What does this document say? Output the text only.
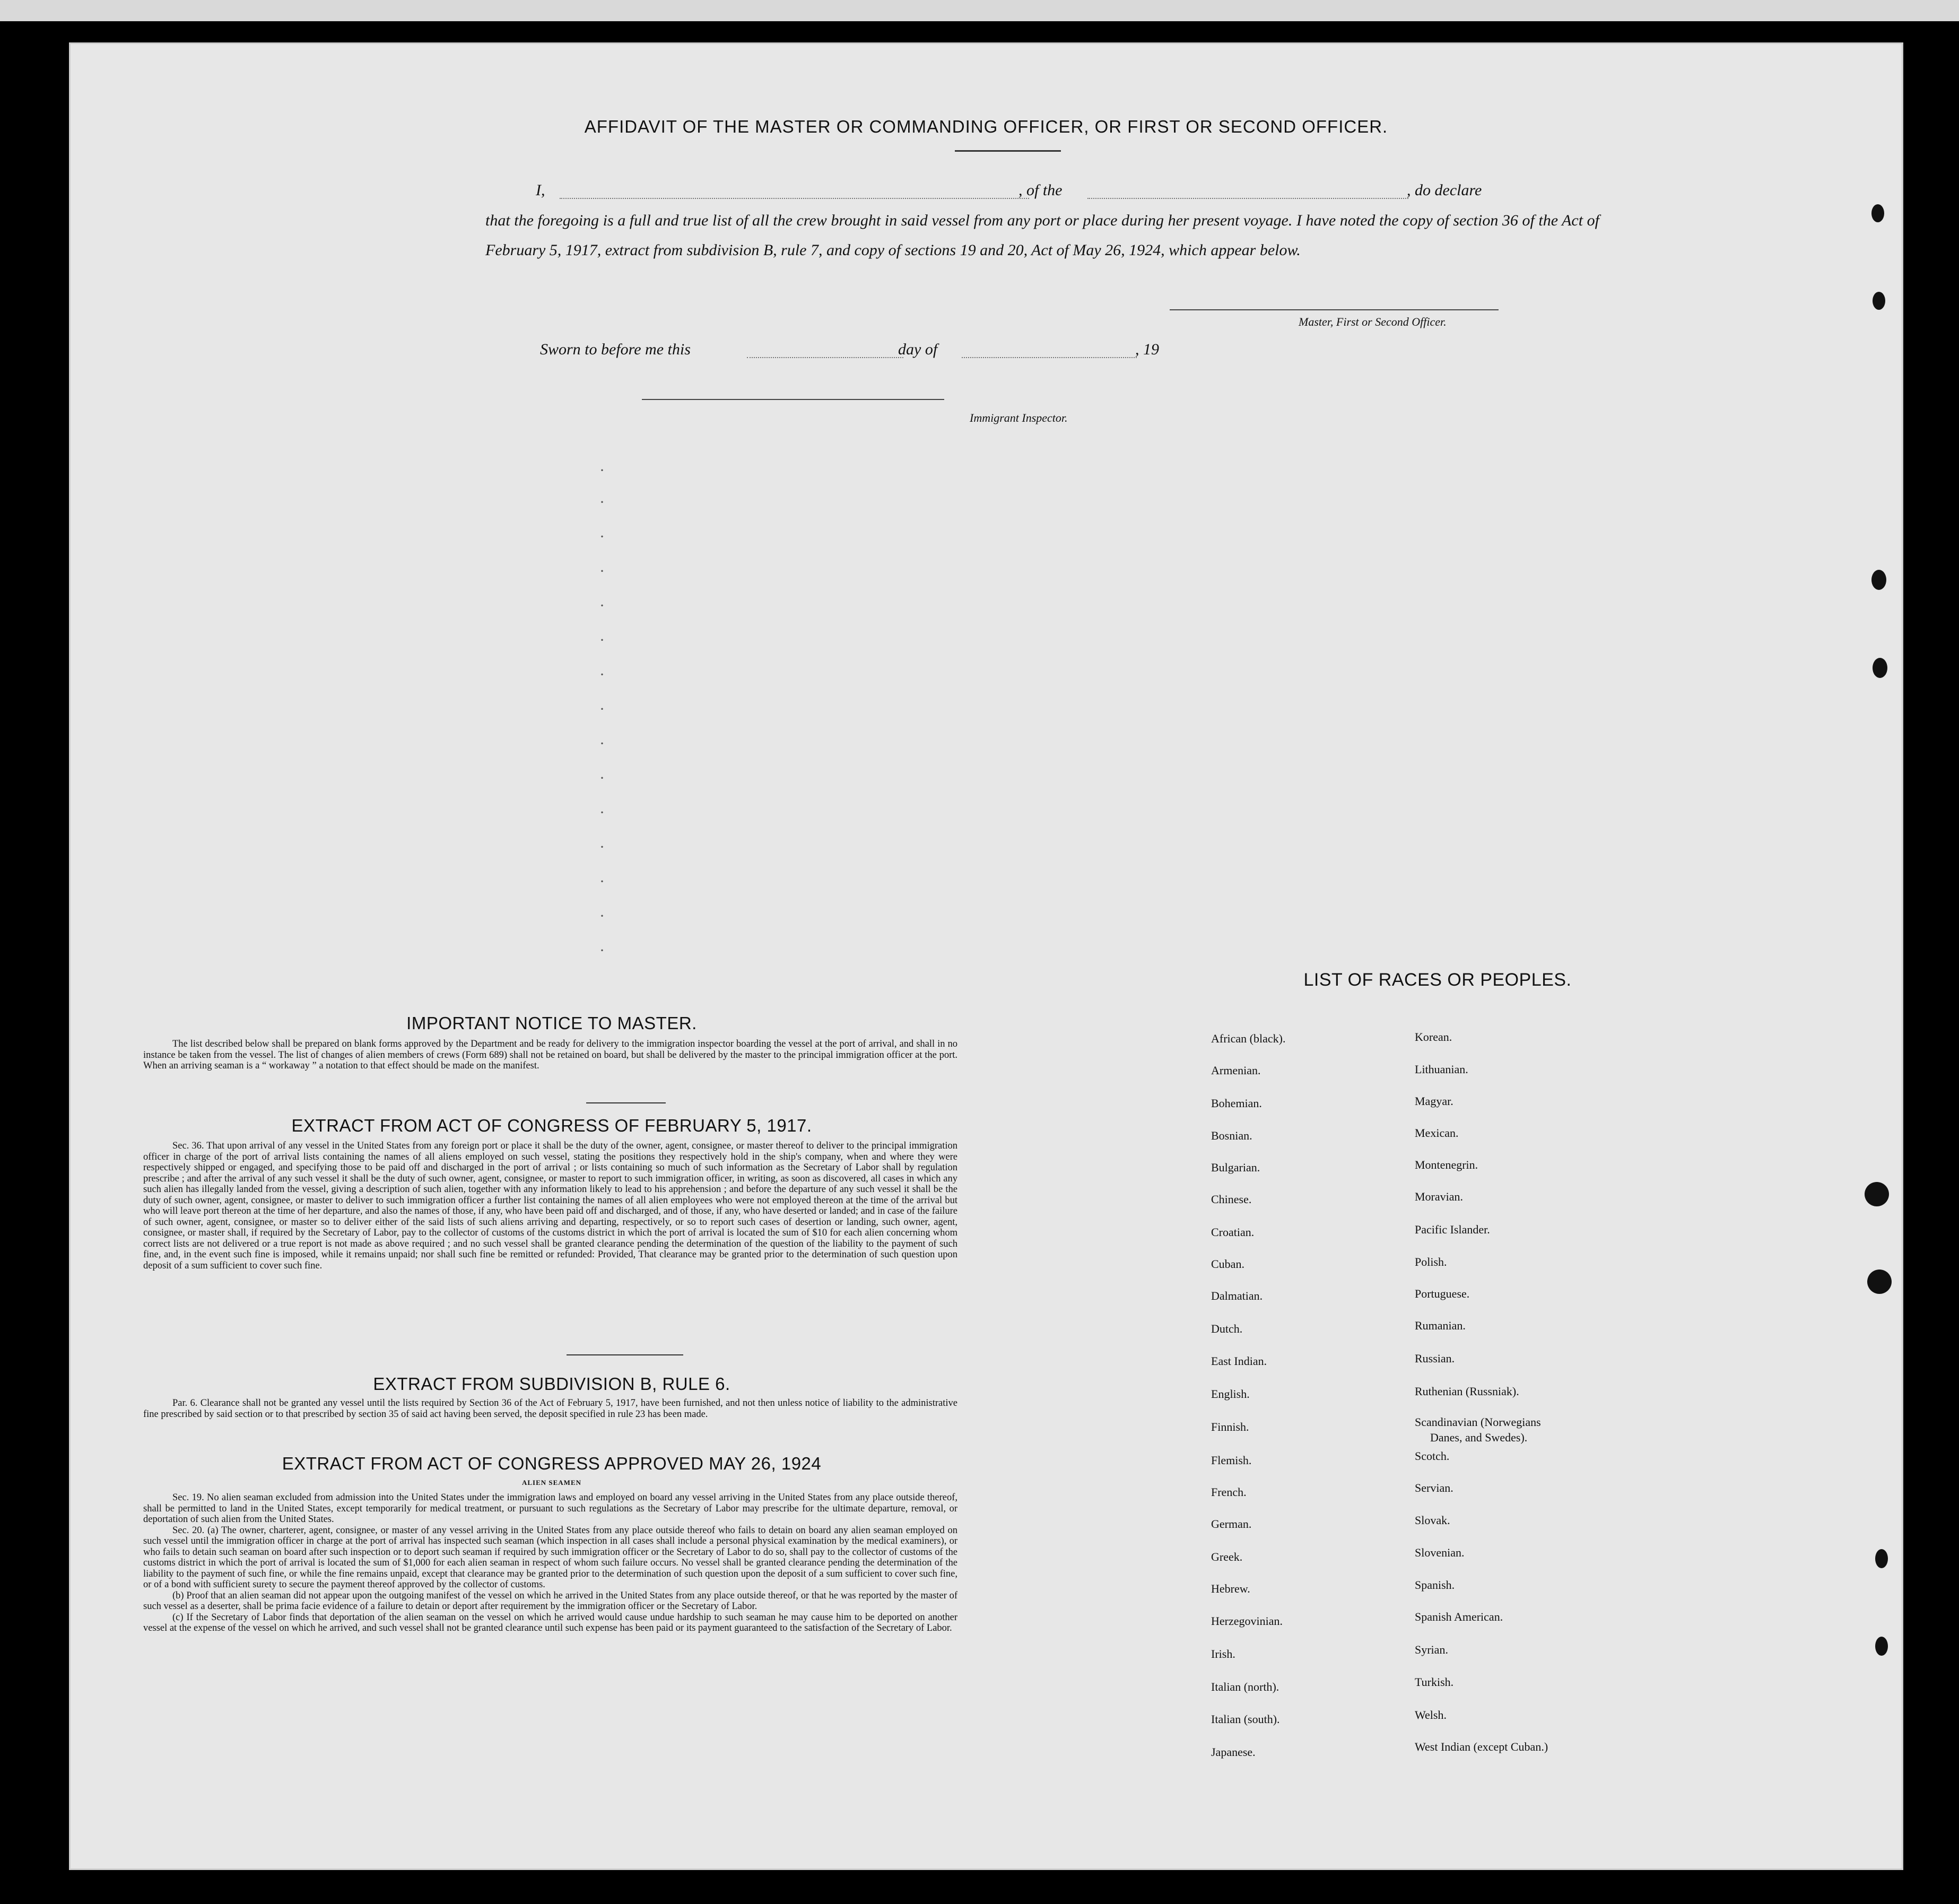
AFFIDAVIT OF THE MASTER OR COMMANDING OFFICER, OR FIRST OR SECOND OFFICER.
I,	, of the	, do declare
that the foregoing is a full and true list of all the crew brought in said vessel from any port or place during her present voyage. I have noted the copy of section 36 of the Act of February 5, 1917, extract from subdivision B, rule 7, and copy of sections 19 and 20, Act of May 26, 1924, which appear below.
Master, First or Second Officer.
Sworn to before me this	day of	, 19
Immigrant Inspector.
·
·
·
·
·
·
·
·
·
·
·
·
·
·
·
IMPORTANT NOTICE TO MASTER.

The list described below shall be prepared on blank forms approved by the Department and be ready for delivery to the immigration inspector boarding the vessel at the port of arrival, and shall in no instance be taken from the vessel. The list of changes of alien members of crews (Form 689) shall not be retained on board, but shall be delivered by the master to the principal immigration officer at the port. When an arriving seaman is a “ workaway ” a notation to that effect should be made on the manifest.

EXTRACT FROM ACT OF CONGRESS OF FEBRUARY 5, 1917.

Sec. 36. That upon arrival of any vessel in the United States from any foreign port or place it shall be the duty of the owner, agent, consignee, or master thereof to deliver to the principal immigration officer in charge of the port of arrival lists containing the names of all aliens employed on such vessel, stating the positions they respectively hold in the ship's company, when and where they were respectively shipped or engaged, and specifying those to be paid off and discharged in the port of arrival ; or lists containing so much of such information as the Secretary of Labor shall by regulation prescribe ; and after the arrival of any such vessel it shall be the duty of such owner, agent, consignee, or master to report to such immigration officer, in writing, as soon as discovered, all cases in which any such alien has illegally landed from the vessel, giving a description of such alien, together with any information likely to lead to his apprehension ; and before the departure of any such vessel it shall be the duty of such owner, agent, consignee, or master to deliver to such immigration officer a further list containing the names of all alien employees who were not employed thereon at the time of the arrival but who will leave port thereon at the time of her departure, and also the names of those, if any, who have been paid off and discharged, and of those, if any, who have deserted or landed; and in case of the failure of such owner, agent, consignee, or master so to deliver either of the said lists of such aliens arriving and departing, respectively, or so to report such cases of desertion or landing, such owner, agent, consignee, or master shall, if required by the Secretary of Labor, pay to the collector of customs of the customs district in which the port of arrival is located the sum of $10 for each alien concerning whom correct lists are not delivered or a true report is not made as above required ; and no such vessel shall be granted clearance pending the determination of the question of the liability to the payment of such fine, and, in the event such fine is imposed, while it remains unpaid; nor shall such fine be remitted or refunded: Provided, That clearance may be granted prior to the determination of such question upon deposit of a sum sufficient to cover such fine.

EXTRACT FROM SUBDIVISION B, RULE 6.

Par. 6. Clearance shall not be granted any vessel until the lists required by Section 36 of the Act of February 5, 1917, have been furnished, and not then unless notice of liability to the administrative fine prescribed by said section or to that prescribed by section 35 of said act having been served, the deposit specified in rule 23 has been made.

EXTRACT FROM ACT OF CONGRESS APPROVED MAY 26, 1924
ALIEN SEAMEN

Sec. 19. No alien seaman excluded from admission into the United States under the immigration laws and employed on board any vessel arriving in the United States from any place outside thereof, shall be permitted to land in the United States, except temporarily for medical treatment, or pursuant to such regulations as the Secretary of Labor may prescribe for the ultimate departure, removal, or deportation of such alien from the United States.

Sec. 20. (a) The owner, charterer, agent, consignee, or master of any vessel arriving in the United States from any place outside thereof who fails to detain on board any alien seaman employed on such vessel until the immigration officer in charge at the port of arrival has inspected such seaman (which inspection in all cases shall include a personal physical examination by the medical examiners), or who fails to detain such seaman on board after such inspection or to deport such seaman if required by such immigration officer or the Secretary of Labor to do so, shall pay to the collector of customs of the customs district in which the port of arrival is located the sum of $1,000 for each alien seaman in respect of whom such failure occurs. No vessel shall be granted clearance pending the determination of the liability to the payment of such fine, or while the fine remains unpaid, except that clearance may be granted prior to the determination of such question upon the deposit of a sum sufficient to cover such fine, or of a bond with sufficient surety to secure the payment thereof approved by the collector of customs.

(b) Proof that an alien seaman did not appear upon the outgoing manifest of the vessel on which he arrived in the United States from any place outside thereof, or that he was reported by the master of such vessel as a deserter, shall be prima facie evidence of a failure to detain or deport after requirement by the immigration officer or the Secretary of Labor.

(c) If the Secretary of Labor finds that deportation of the alien seaman on the vessel on which he arrived would cause undue hardship to such seaman he may cause him to be deported on another vessel at the expense of the vessel on which he arrived, and such vessel shall not be granted clearance until such expense has been paid or its payment guaranteed to the satisfaction of the Secretary of Labor.

LIST OF RACES OR PEOPLES.
African (black).
Armenian.
Bohemian.
Bosnian.
Bulgarian.
Chinese.
Croatian.
Cuban.
Dalmatian.
Dutch.
East Indian.
English.
Finnish.
Flemish.
French.
German.
Greek.
Hebrew.
Herzegovinian.
Irish.
Italian (north).
Italian (south).
Japanese.
Korean.
Lithuanian.
Magyar.
Mexican.
Montenegrin.
Moravian.
Pacific Islander.
Polish.
Portuguese.
Rumanian.
Russian.
Ruthenian (Russniak).
Scandinavian (Norwegians
Scotch.
Servian.
Slovak.
Slovenian.
Spanish.
Spanish American.
Syrian.
Turkish.
Welsh.
West Indian (except Cuban.)
Danes, and Swedes).
